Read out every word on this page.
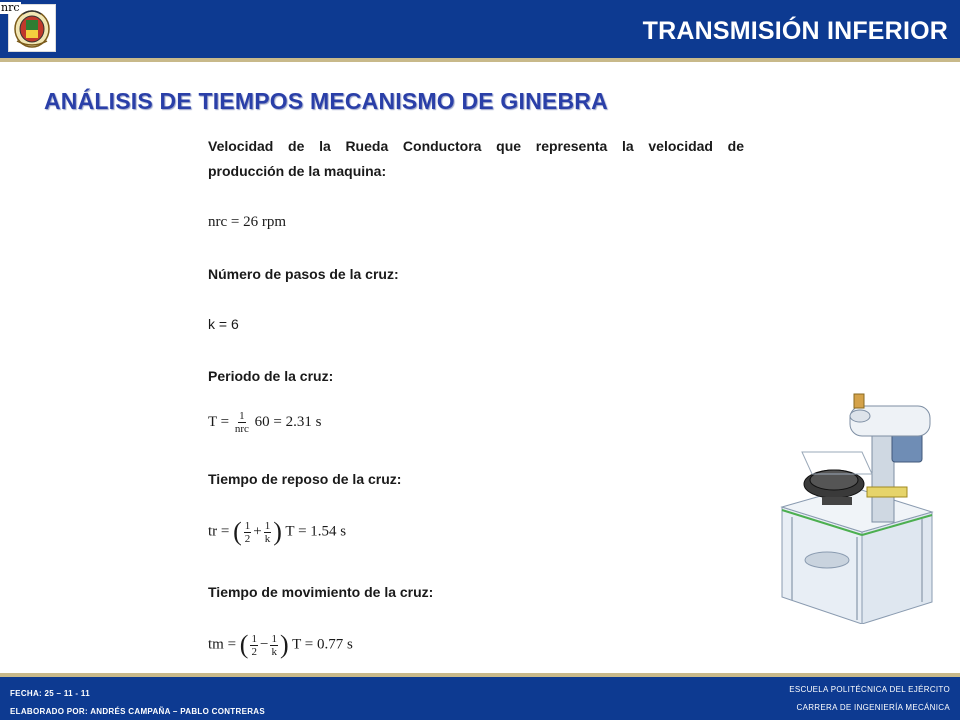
nrc
TRANSMISIÓN INFERIOR
ANÁLISIS DE TIEMPOS MECANISMO DE GINEBRA
Velocidad de la Rueda Conductora que representa la velocidad de
producción de la maquina:
nrc = 26 rpm
Número de pasos de la cruz:
k = 6
Periodo de la cruz:
$T = \frac{1}{\text{nrc}} 60 = 2.31$ s
Tiempo de reposo de la cruz:
tr = ( $\frac{1}{2} + \frac{1}{k}$ ) T = 1.54 s
Tiempo de movimiento de la cruz:
tm = ( $\frac{1}{2} - \frac{1}{k}$ ) T = 0.77 s
FECHA: 25 – 11 - 11
ELABORADO POR: ANDRÉS CAMPAÑA – PABLO CONTRERAS
ESCUELA POLITÉCNICA DEL EJÉRCITO
CARRERA DE INGENIERÍA MECÁNICA
